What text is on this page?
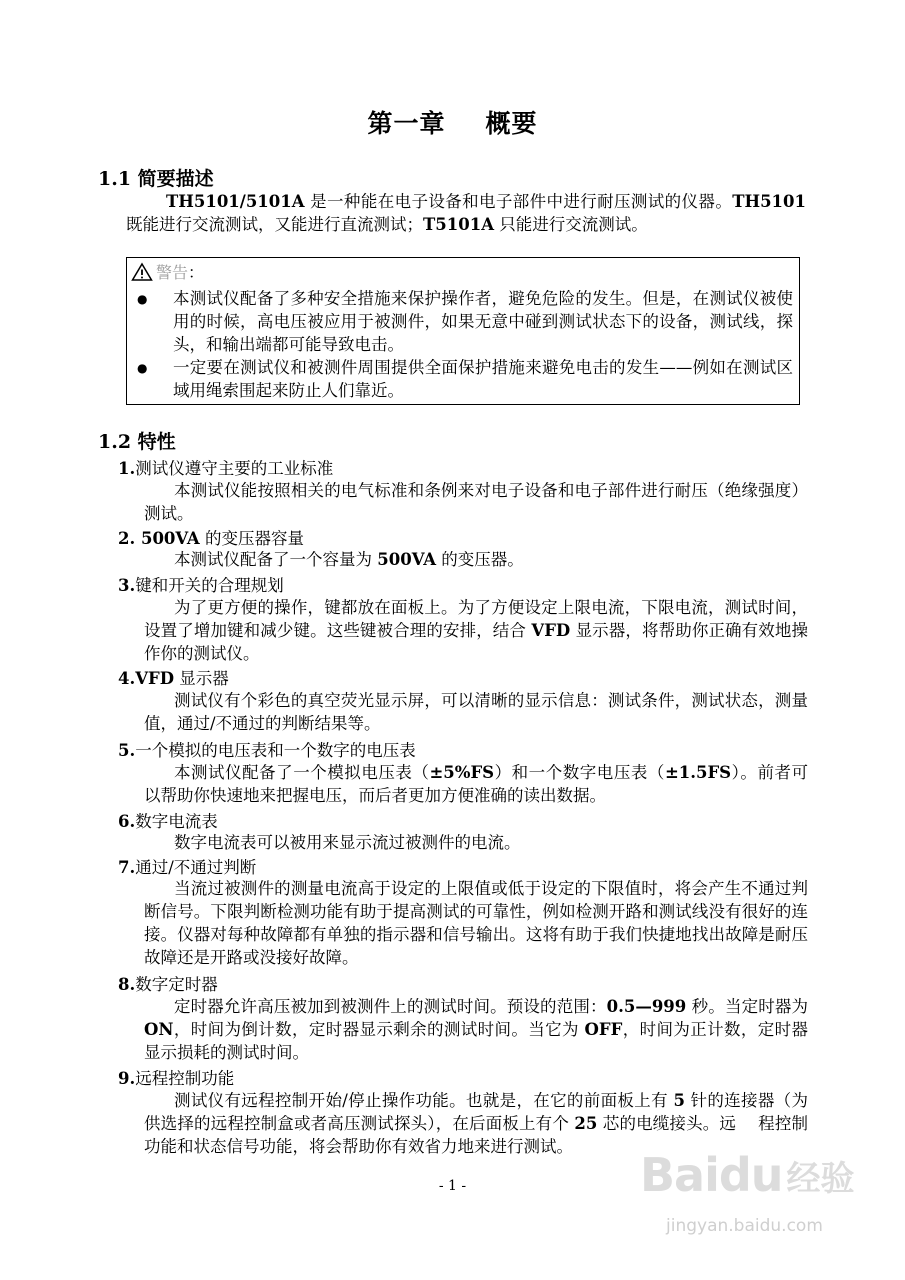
第一章 概要
1.1 简要描述
TH5101/5101A 是一种能在电子设备和电子部件中进行耐压测试的仪器。TH5101 既能进行交流测试，又能进行直流测试；T5101A 只能进行交流测试。
警告 ：
● 本测试仪配备了多种安全措施来保护操作者，避免危险的发生。但是，在测试仪被使用的时候，高电压被应用于被测件，如果无意中碰到测试状态下的设备，测试线，探头，和输出端都可能导致电击。
● 一定要在测试仪和被测件周围提供全面保护措施来避免电击的发生——例如在测试区域用绳索围起来防止人们靠近。
1.2 特性
1.测试仪遵守主要的工业标准
本测试仪能按照相关的电气标准和条例来对电子设备和电子部件进行耐压（绝缘强度）测试。
2. 500VA 的变压器容量
本测试仪配备了一个容量为 500VA 的变压器。
3.键和开关的合理规划
为了更方便的操作，键都放在面板上。为了方便设定上限电流，下限电流，测试时间，设置了增加键和减少键。这些键被合理的安排，结合 VFD 显示器，将帮助你正确有效地操作你的测试仪。
4.VFD 显示器
测试仪有个彩色的真空荧光显示屏，可以清晰的显示信息：测试条件，测试状态，测量值，通过/不通过的判断结果等。
5.一个模拟的电压表和一个数字的电压表
本测试仪配备了一个模拟电压表（±5%FS）和一个数字电压表（±1.5FS）。前者可以帮助你快速地来把握电压，而后者更加方便准确的读出数据。
6.数字电流表
数字电流表可以被用来显示流过被测件的电流。
7.通过/不通过判断
当流过被测件的测量电流高于设定的上限值或低于设定的下限值时，将会产生不通过判断信号。下限判断检测功能有助于提高测试的可靠性，例如检测开路和测试线没有很好的连接。仪器对每种故障都有单独的指示器和信号输出。这将有助于我们快捷地找出故障是耐压故障还是开路或没接好故障。
8.数字定时器
定时器允许高压被加到被测件上的测试时间。预设的范围：0.5—999 秒。当定时器为 ON，时间为倒计数，定时器显示剩余的测试时间。当它为 OFF，时间为正计数，定时器显示损耗的测试时间。
9.远程控制功能
测试仪有远程控制开始/停止操作功能。也就是，在它的前面板上有 5 针的连接器（为供选择的远程控制盒或者高压测试探头），在后面板上有个 25 芯的电缆接头。远　 程控制功能和状态信号功能，将会帮助你有效省力地来进行测试。
- 1 -	Baidu 经验
jingyan.baidu.com
